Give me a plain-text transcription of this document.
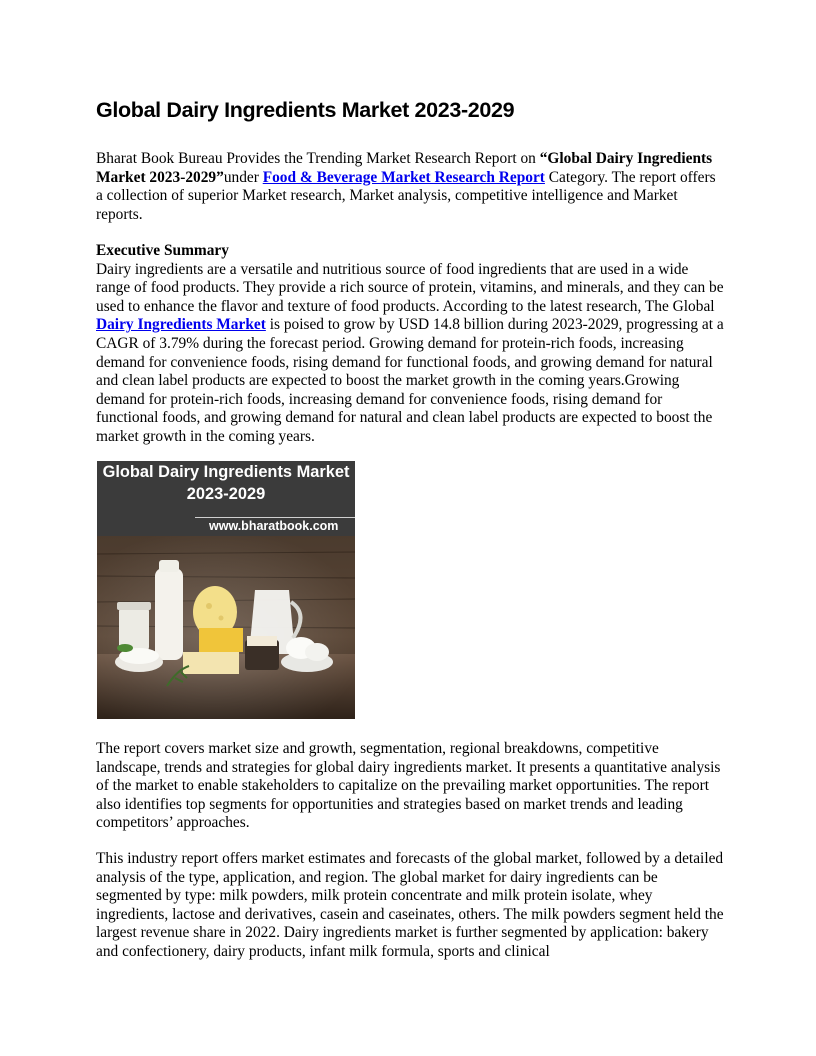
Global Dairy Ingredients Market 2023-2029

Bharat Book Bureau Provides the Trending Market Research Report on “Global Dairy Ingredients Market 2023-2029”under Food & Beverage Market Research Report Category. The report offers a collection of superior Market research, Market analysis, competitive intelligence and Market reports.

Executive Summary
Dairy ingredients are a versatile and nutritious source of food ingredients that are used in a wide range of food products. They provide a rich source of protein, vitamins, and minerals, and they can be used to enhance the flavor and texture of food products. According to the latest research, The Global Dairy Ingredients Market is poised to grow by USD 14.8 billion during 2023-2029, progressing at a CAGR of 3.79% during the forecast period. Growing demand for protein-rich foods, increasing demand for convenience foods, rising demand for functional foods, and growing demand for natural and clean label products are expected to boost the market growth in the coming years.Growing demand for protein-rich foods, increasing demand for convenience foods, rising demand for functional foods, and growing demand for natural and clean label products are expected to boost the market growth in the coming years.

The report covers market size and growth, segmentation, regional breakdowns, competitive landscape, trends and strategies for global dairy ingredients market. It presents a quantitative analysis of the market to enable stakeholders to capitalize on the prevailing market opportunities. The report also identifies top segments for opportunities and strategies based on market trends and leading competitors’ approaches.

This industry report offers market estimates and forecasts of the global market, followed by a detailed analysis of the type, application, and region. The global market for dairy ingredients can be segmented by type: milk powders, milk protein concentrate and milk protein isolate, whey ingredients, lactose and derivatives, casein and caseinates, others. The milk powders segment held the largest revenue share in 2022. Dairy ingredients market is further segmented by application: bakery and confectionery, dairy products, infant milk formula, sports and clinical

Global Dairy Ingredients Market
2023-2029
www.bharatbook.com
